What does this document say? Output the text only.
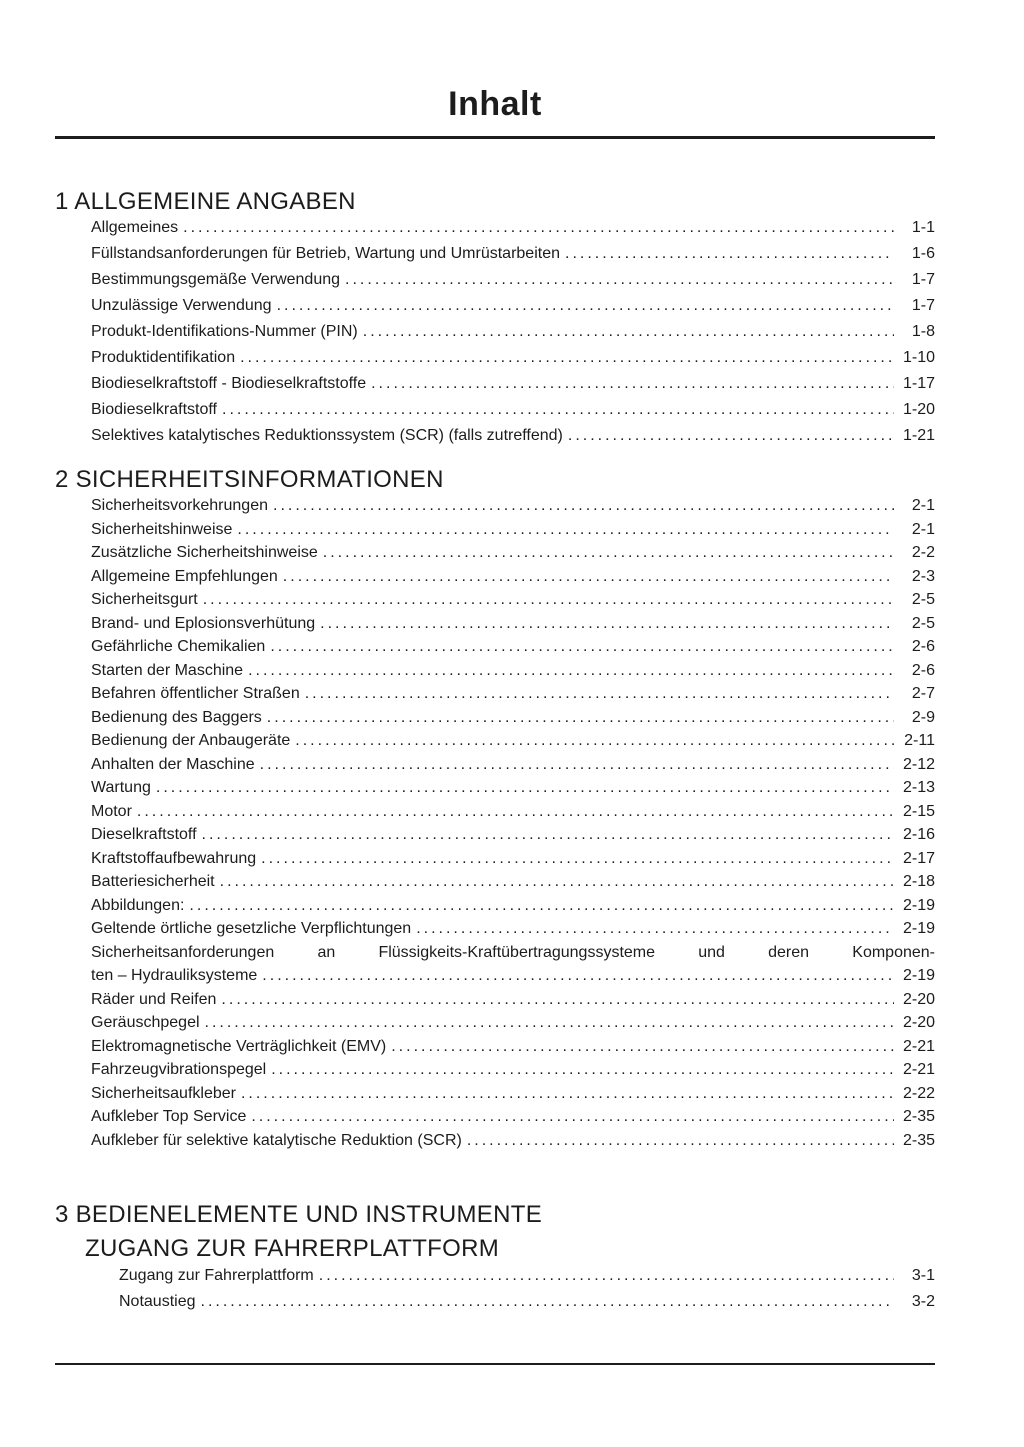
Inhalt
1 ALLGEMEINE ANGABEN
Allgemeines .....	1-1
Füllstandsanforderungen für Betrieb, Wartung und Umrüstarbeiten .....	1-6
Bestimmungsgemäße Verwendung .....	1-7
Unzulässige Verwendung .....	1-7
Produkt-Identifikations-Nummer (PIN) .....	1-8
Produktidentifikation .....	1-10
Biodieselkraftstoff - Biodieselkraftstoffe .....	1-17
Biodieselkraftstoff .....	1-20
Selektives katalytisches Reduktionssystem (SCR) (falls zutreffend) .....	1-21
2 SICHERHEITSINFORMATIONEN
Sicherheitsvorkehrungen .....	2-1
Sicherheitshinweise .....	2-1
Zusätzliche Sicherheitshinweise .....	2-2
Allgemeine Empfehlungen .....	2-3
Sicherheitsgurt .....	2-5
Brand- und Eplosionsverhütung .....	2-5
Gefährliche Chemikalien .....	2-6
Starten der Maschine .....	2-6
Befahren öffentlicher Straßen .....	2-7
Bedienung des Baggers .....	2-9
Bedienung der Anbaugeräte .....	2-11
Anhalten der Maschine .....	2-12
Wartung .....	2-13
Motor .....	2-15
Dieselkraftstoff .....	2-16
Kraftstoffaufbewahrung .....	2-17
Batteriesicherheit .....	2-18
Abbildungen: .....	2-19
Geltende örtliche gesetzliche Verpflichtungen .....	2-19
Sicherheitsanforderungen an Flüssigkeits-Kraftübertragungssysteme und deren Komponen-
ten – Hydrauliksysteme .....	2-19
Räder und Reifen .....	2-20
Geräuschpegel .....	2-20
Elektromagnetische Verträglichkeit (EMV) .....	2-21
Fahrzeugvibrationspegel .....	2-21
Sicherheitsaufkleber .....	2-22
Aufkleber Top Service .....	2-35
Aufkleber für selektive katalytische Reduktion (SCR) .....	2-35
3 BEDIENELEMENTE UND INSTRUMENTE
ZUGANG ZUR FAHRERPLATTFORM
Zugang zur Fahrerplattform .....	3-1
Notaustieg .....	3-2
